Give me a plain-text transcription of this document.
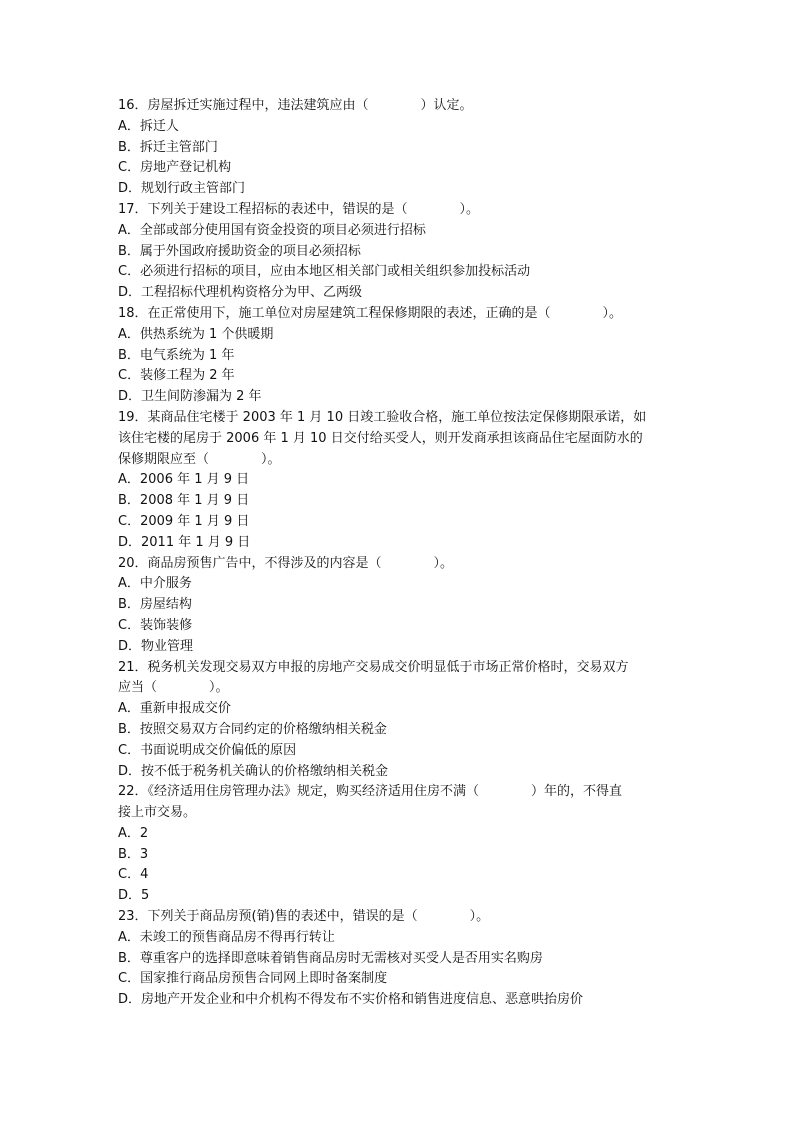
16．房屋拆迁实施过程中，违法建筑应由（　　　　）认定。
A．拆迁人
B．拆迁主管部门
C．房地产登记机构
D．规划行政主管部门
17．下列关于建设工程招标的表述中，错误的是（　　　　）。
A．全部或部分使用国有资金投资的项目必须进行招标
B．属于外国政府援助资金的项目必须招标
C．必须进行招标的项目，应由本地区相关部门或相关组织参加投标活动
D．工程招标代理机构资格分为甲、乙两级
18．在正常使用下，施工单位对房屋建筑工程保修期限的表述，正确的是（　　　　）。
A．供热系统为 1 个供暖期
B．电气系统为 1 年
C．装修工程为 2 年
D．卫生间防渗漏为 2 年
19．某商品住宅楼于 2003 年 1 月 10 日竣工验收合格，施工单位按法定保修期限承诺，如
该住宅楼的尾房于 2006 年 1 月 10 日交付给买受人，则开发商承担该商品住宅屋面防水的
保修期限应至（　　　　）。
A．2006 年 1 月 9 日
B．2008 年 1 月 9 日
C．2009 年 1 月 9 日
D．2011 年 1 月 9 日
20．商品房预售广告中，不得涉及的内容是（　　　　）。
A．中介服务
B．房屋结构
C．装饰装修
D．物业管理
21．税务机关发现交易双方申报的房地产交易成交价明显低于市场正常价格时，交易双方
应当（　　　　）。
A．重新申报成交价
B．按照交易双方合同约定的价格缴纳相关税金
C．书面说明成交价偏低的原因
D．按不低于税务机关确认的价格缴纳相关税金
22．《经济适用住房管理办法》规定，购买经济适用住房不满（　　　　）年的，不得直
接上市交易。
A．2
B．3
C．4
D．5
23．下列关于商品房预(销)售的表述中，错误的是（　　　　）。
A．未竣工的预售商品房不得再行转让
B．尊重客户的选择即意味着销售商品房时无需核对买受人是否用实名购房
C．国家推行商品房预售合同网上即时备案制度
D．房地产开发企业和中介机构不得发布不实价格和销售进度信息、恶意哄抬房价
